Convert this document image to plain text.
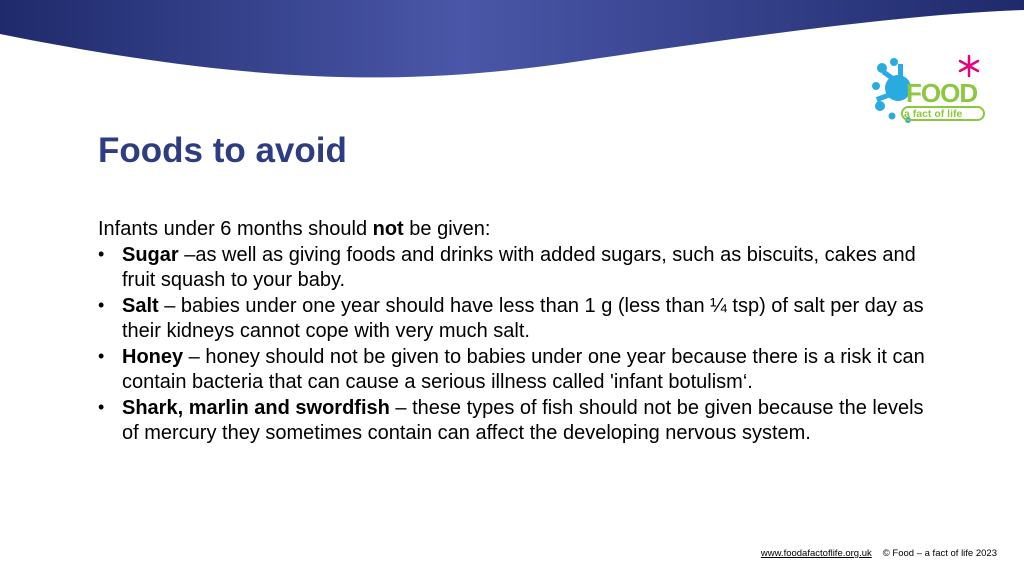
FOOD
a fact of life
Foods to avoid

Infants under 6 months should not be given:

• Sugar –as well as giving foods and drinks with added sugars, such as biscuits, cakes and fruit squash to your baby.
• Salt – babies under one year should have less than 1 g (less than ¼ tsp) of salt per day as their kidneys cannot cope with very much salt.
• Honey – honey should not be given to babies under one year because there is a risk it can contain bacteria that can cause a serious illness called 'infant botulism‘.
• Shark, marlin and swordfish – these types of fish should not be given because the levels of mercury they sometimes contain can affect the developing nervous system.
www.foodafactoflife.org.uk © Food – a fact of life 2023
